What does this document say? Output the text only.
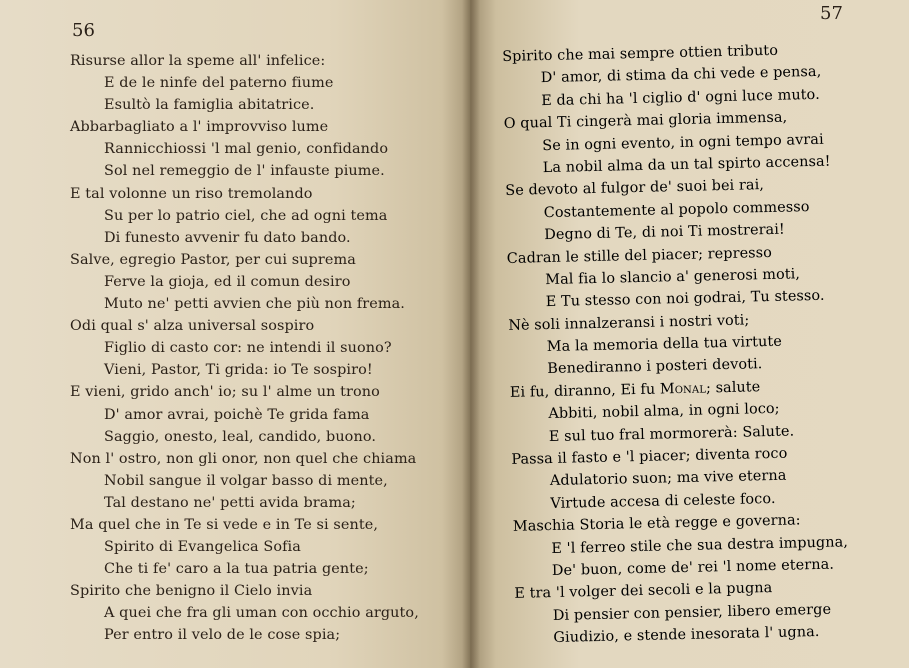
56
Risurse allor la speme all' infelice:
E de le ninfe del paterno fiume
Esultò la famiglia abitatrice.
Abbarbagliato a l' improvviso lume
Rannicchiossi 'l mal genio, confidando
Sol nel remeggio de l' infauste piume.
E tal volonne un riso tremolando
Su per lo patrio ciel, che ad ogni tema
Di funesto avvenir fu dato bando.
Salve, egregio Pastor, per cui suprema
Ferve la gioja, ed il comun desiro
Muto ne' petti avvien che più non frema.
Odi qual s' alza universal sospiro
Figlio di casto cor: ne intendi il suono?
Vieni, Pastor, Ti grida: io Te sospiro!
E vieni, grido anch' io; su l' alme un trono
D' amor avrai, poichè Te grida fama
Saggio, onesto, leal, candido, buono.
Non l' ostro, non gli onor, non quel che chiama
Nobil sangue il volgar basso di mente,
Tal destano ne' petti avida brama;
Ma quel che in Te si vede e in Te si sente,
Spirito di Evangelica Sofia
Che ti fe' caro a la tua patria gente;
Spirito che benigno il Cielo invia
A quei che fra gli uman con occhio arguto,
Per entro il velo de le cose spia;
57
Spirito che mai sempre ottien tributo
D' amor, di stima da chi vede e pensa,
E da chi ha 'l ciglio d' ogni luce muto.
O qual Ti cingerà mai gloria immensa,
Se in ogni evento, in ogni tempo avrai
La nobil alma da un tal spirto accensa!
Se devoto al fulgor de' suoi bei rai,
Costantemente al popolo commesso
Degno di Te, di noi Ti mostrerai!
Cadran le stille del piacer; represso
Mal fia lo slancio a' generosi moti,
E Tu stesso con noi godrai, Tu stesso.
Nè soli innalzeransi i nostri voti;
Ma la memoria della tua virtute
Benediranno i posteri devoti.
Ei fu, diranno, Ei fu Monal; salute
Abbiti, nobil alma, in ogni loco;
E sul tuo fral mormorerà: Salute.
Passa il fasto e 'l piacer; diventa roco
Adulatorio suon; ma vive eterna
Virtude accesa di celeste foco.
Maschia Storia le età regge e governa:
E 'l ferreo stile che sua destra impugna,
De' buon, come de' rei 'l nome eterna.
E tra 'l volger dei secoli e la pugna
Di pensier con pensier, libero emerge
Giudizio, e stende inesorata l' ugna.
